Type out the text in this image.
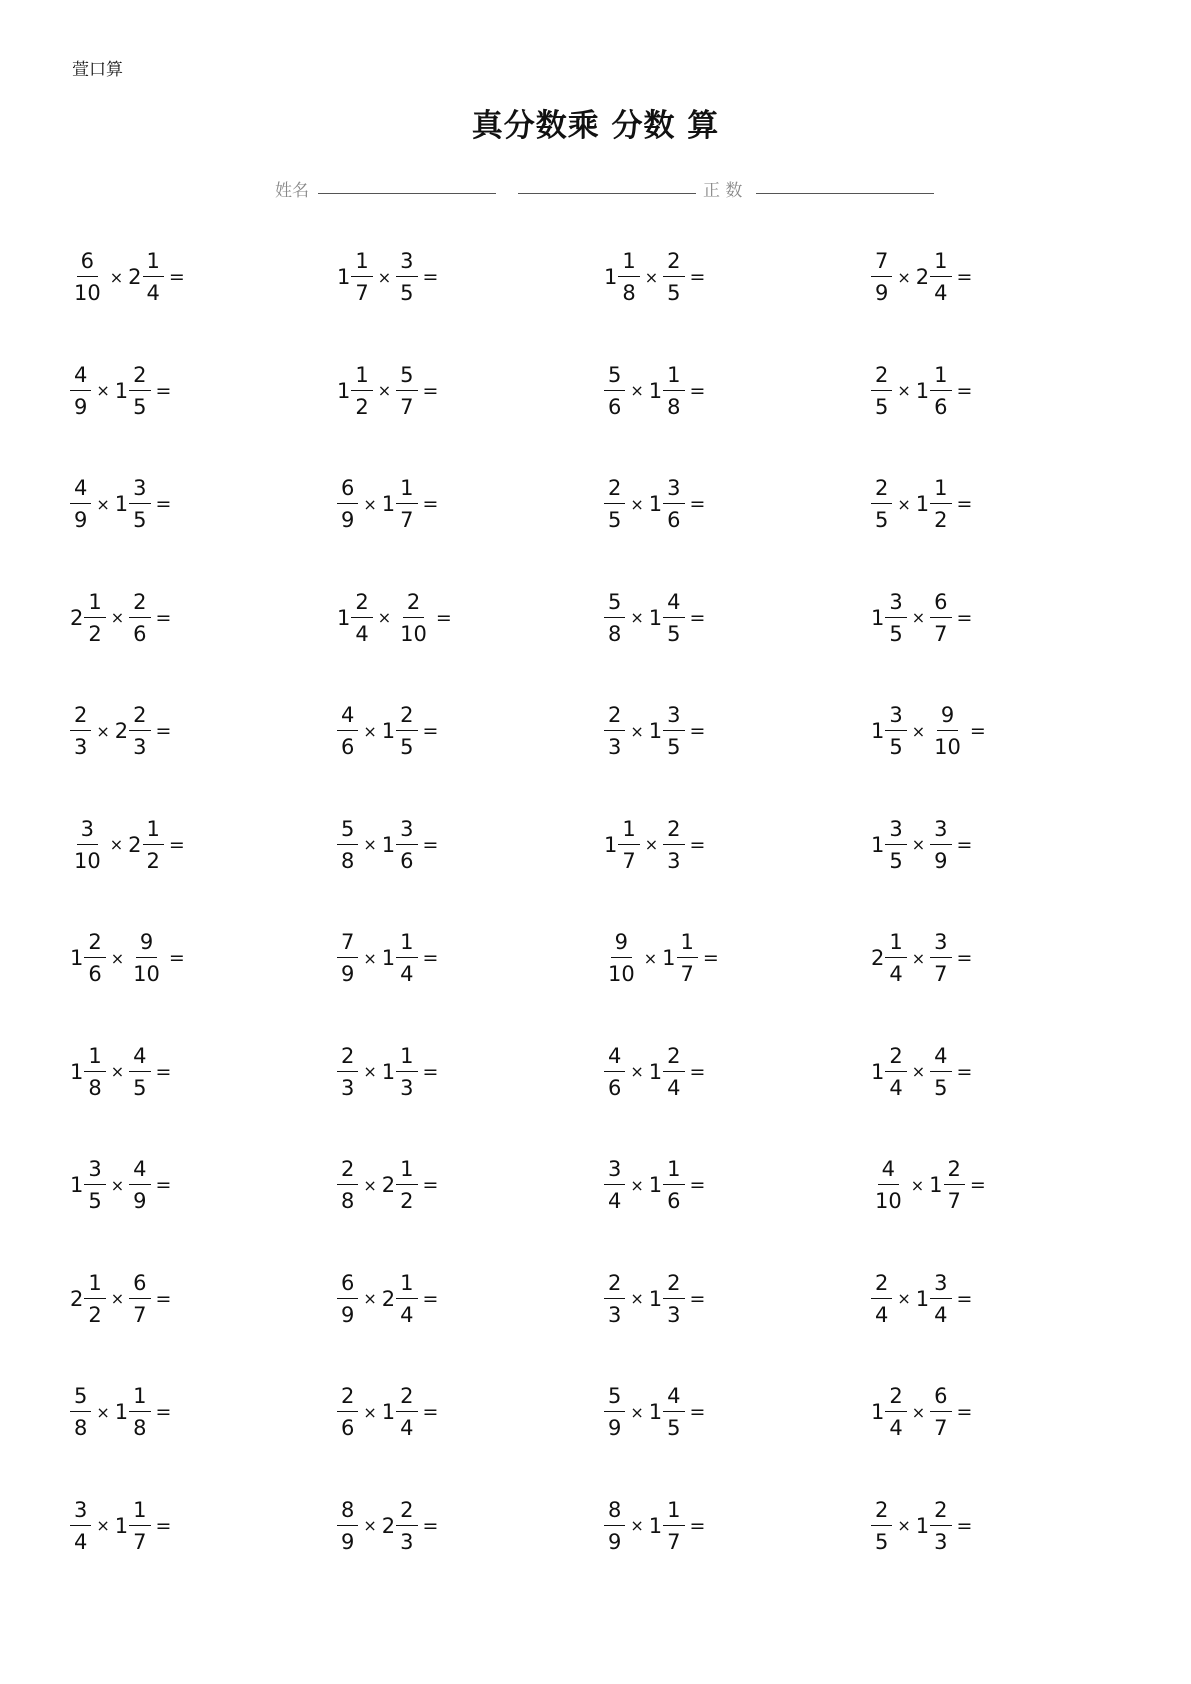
萱口算
真分数乘 分数 算
姓名	正 数
$\frac{6}{10} \times 2 \frac{1}{4}$ =	$1 \frac{1}{7} \times \frac{3}{5}$ =	$1 \frac{1}{8} \times \frac{2}{5}$ =	$\frac{7}{9} \times 2 \frac{1}{4}$ =
$\frac{4}{9} \times 1 \frac{2}{5}$ =	$1 \frac{1}{2} \times \frac{5}{7}$ =	$\frac{5}{6} \times 1 \frac{1}{8}$ =	$\frac{2}{5} \times 1 \frac{1}{6}$ =
$\frac{4}{9} \times 1 \frac{3}{5}$ =	$\frac{6}{9} \times 1 \frac{1}{7}$ =	$\frac{2}{5} \times 1 \frac{3}{6}$ =	$\frac{2}{5} \times 1 \frac{1}{2}$ =
$2 \frac{1}{2} \times \frac{2}{6}$ =	$1 \frac{2}{4} \times \frac{2}{10}$ =	$\frac{5}{8} \times 1 \frac{4}{5}$ =	$1 \frac{3}{5} \times \frac{6}{7}$ =
$\frac{2}{3} \times 2 \frac{2}{3}$ =	$\frac{4}{6} \times 1 \frac{2}{5}$ =	$\frac{2}{3} \times 1 \frac{3}{5}$ =	$1 \frac{3}{5} \times \frac{9}{10}$ =
$\frac{3}{10} \times 2 \frac{1}{2}$ =	$\frac{5}{8} \times 1 \frac{3}{6}$ =	$1 \frac{1}{7} \times \frac{2}{3}$ =	$1 \frac{3}{5} \times \frac{3}{9}$ =
$1 \frac{2}{6} \times \frac{9}{10}$ =	$\frac{7}{9} \times 1 \frac{1}{4}$ =	$\frac{9}{10} \times 1 \frac{1}{7}$ =	$2 \frac{1}{4} \times \frac{3}{7}$ =
$1 \frac{1}{8} \times \frac{4}{5}$ =	$\frac{2}{3} \times 1 \frac{1}{3}$ =	$\frac{4}{6} \times 1 \frac{2}{4}$ =	$1 \frac{2}{4} \times \frac{4}{5}$ =
$1 \frac{3}{5} \times \frac{4}{9}$ =	$\frac{2}{8} \times 2 \frac{1}{2}$ =	$\frac{3}{4} \times 1 \frac{1}{6}$ =	$\frac{4}{10} \times 1 \frac{2}{7}$ =
$2 \frac{1}{2} \times \frac{6}{7}$ =	$\frac{6}{9} \times 2 \frac{1}{4}$ =	$\frac{2}{3} \times 1 \frac{2}{3}$ =	$\frac{2}{4} \times 1 \frac{3}{4}$ =
$\frac{5}{8} \times 1 \frac{1}{8}$ =	$\frac{2}{6} \times 1 \frac{2}{4}$ =	$\frac{5}{9} \times 1 \frac{4}{5}$ =	$1 \frac{2}{4} \times \frac{6}{7}$ =
$\frac{3}{4} \times 1 \frac{1}{7}$ =	$\frac{8}{9} \times 2 \frac{2}{3}$ =	$\frac{8}{9} \times 1 \frac{1}{7}$ =	$\frac{2}{5} \times 1 \frac{2}{3}$ =
